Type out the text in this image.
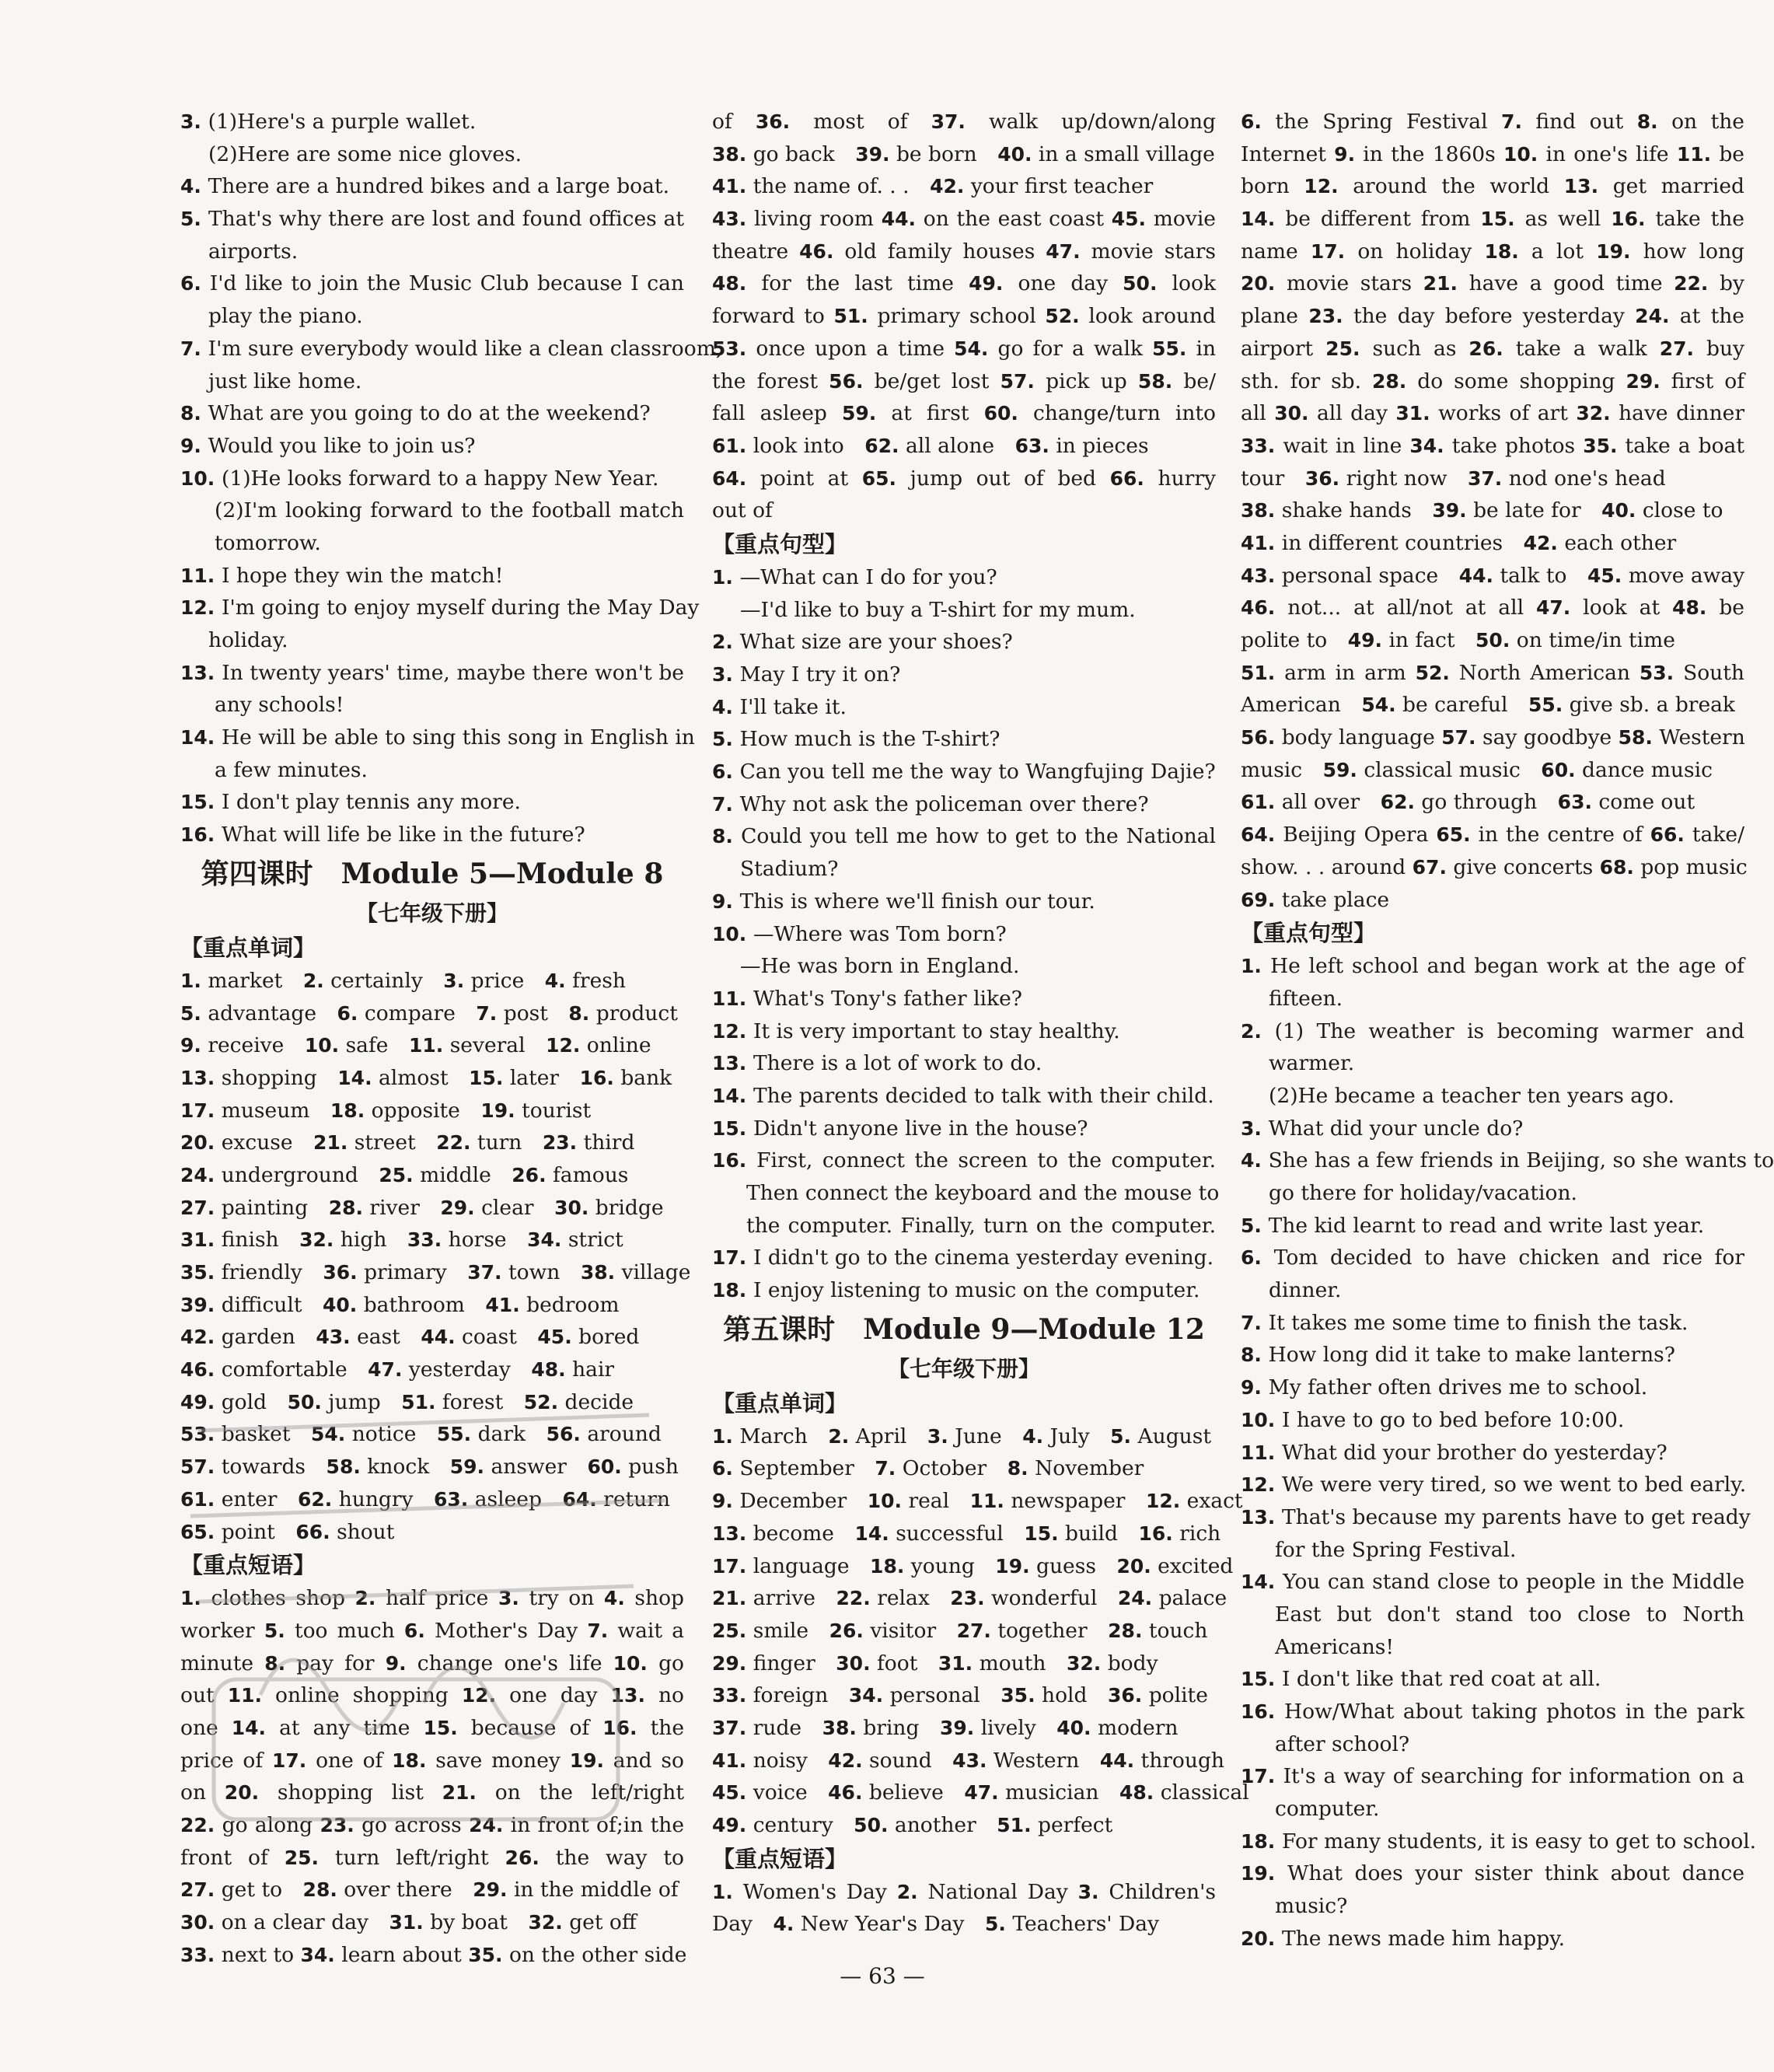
3. (1)Here's a purple wallet.
(2)Here are some nice gloves.
4. There are a hundred bikes and a large boat.
5. That's why there are lost and found offices at
airports.
6. I'd like to join the Music Club because I can
play the piano.
7. I'm sure everybody would like a clean classroom,
just like home.
8. What are you going to do at the weekend?
9. Would you like to join us?
10. (1)He looks forward to a happy New Year.
(2)I'm looking forward to the football match
tomorrow.
11. I hope they win the match!
12. I'm going to enjoy myself during the May Day
holiday.
13. In twenty years' time, maybe there won't be
any schools!
14. He will be able to sing this song in English in
a few minutes.
15. I don't play tennis any more.
16. What will life be like in the future?
第四课时　Module 5—Module 8
【七年级下册】
【重点单词】
1. market　2. certainly　3. price　4. fresh
5. advantage　6. compare　7. post　8. product
9. receive　10. safe　11. several　12. online
13. shopping　14. almost　15. later　16. bank
17. museum　18. opposite　19. tourist
20. excuse　21. street　22. turn　23. third
24. underground　25. middle　26. famous
27. painting　28. river　29. clear　30. bridge
31. finish　32. high　33. horse　34. strict
35. friendly　36. primary　37. town　38. village
39. difficult　40. bathroom　41. bedroom
42. garden　43. east　44. coast　45. bored
46. comfortable　47. yesterday　48. hair
49. gold　50. jump　51. forest　52. decide
53. basket　54. notice　55. dark　56. around
57. towards　58. knock　59. answer　60. push
61. enter　62. hungry　63. asleep　64. return
65. point　66. shout
【重点短语】
1. clothes shop 2. half price 3. try on 4. shop
worker 5. too much 6. Mother's Day 7. wait a
minute 8. pay for 9. change one's life 10. go
out 11. online shopping 12. one day 13. no
one 14. at any time 15. because of 16. the
price of 17. one of 18. save money 19. and so
on 20. shopping list 21. on the left/right
22. go along 23. go across 24. in front of;in the
front of 25. turn left/right 26. the way to
27. get to　28. over there　29. in the middle of
30. on a clear day　31. by boat　32. get off
33. next to 34. learn about 35. on the other side
of 36. most of 37. walk up/down/along
38. go back　39. be born　40. in a small village
41. the name of. . .　42. your first teacher
43. living room 44. on the east coast 45. movie
theatre 46. old family houses 47. movie stars
48. for the last time 49. one day 50. look
forward to 51. primary school 52. look around
53. once upon a time 54. go for a walk 55. in
the forest 56. be/get lost 57. pick up 58. be/
fall asleep 59. at first 60. change/turn into
61. look into　62. all alone　63. in pieces
64. point at 65. jump out of bed 66. hurry
out of
【重点句型】
1. —What can I do for you?
—I'd like to buy a T-shirt for my mum.
2. What size are your shoes?
3. May I try it on?
4. I'll take it.
5. How much is the T-shirt?
6. Can you tell me the way to Wangfujing Dajie?
7. Why not ask the policeman over there?
8. Could you tell me how to get to the National
Stadium?
9. This is where we'll finish our tour.
10. —Where was Tom born?
—He was born in England.
11. What's Tony's father like?
12. It is very important to stay healthy.
13. There is a lot of work to do.
14. The parents decided to talk with their child.
15. Didn't anyone live in the house?
16. First, connect the screen to the computer.
Then connect the keyboard and the mouse to
the computer. Finally, turn on the computer.
17. I didn't go to the cinema yesterday evening.
18. I enjoy listening to music on the computer.
第五课时　Module 9—Module 12
【七年级下册】
【重点单词】
1. March　2. April　3. June　4. July　5. August
6. September　7. October　8. November
9. December　10. real　11. newspaper　12. exact
13. become　14. successful　15. build　16. rich
17. language　18. young　19. guess　20. excited
21. arrive　22. relax　23. wonderful　24. palace
25. smile　26. visitor　27. together　28. touch
29. finger　30. foot　31. mouth　32. body
33. foreign　34. personal　35. hold　36. polite
37. rude　38. bring　39. lively　40. modern
41. noisy　42. sound　43. Western　44. through
45. voice　46. believe　47. musician　48. classical
49. century　50. another　51. perfect
【重点短语】
1. Women's Day 2. National Day 3. Children's
Day　4. New Year's Day　5. Teachers' Day
6. the Spring Festival 7. find out 8. on the
Internet 9. in the 1860s 10. in one's life 11. be
born 12. around the world 13. get married
14. be different from 15. as well 16. take the
name 17. on holiday 18. a lot 19. how long
20. movie stars 21. have a good time 22. by
plane 23. the day before yesterday 24. at the
airport 25. such as 26. take a walk 27. buy
sth. for sb. 28. do some shopping 29. first of
all 30. all day 31. works of art 32. have dinner
33. wait in line 34. take photos 35. take a boat
tour　36. right now　37. nod one's head
38. shake hands　39. be late for　40. close to
41. in different countries　42. each other
43. personal space　44. talk to　45. move away
46. not... at all/not at all 47. look at 48. be
polite to　49. in fact　50. on time/in time
51. arm in arm 52. North American 53. South
American　54. be careful　55. give sb. a break
56. body language 57. say goodbye 58. Western
music　59. classical music　60. dance music
61. all over　62. go through　63. come out
64. Beijing Opera 65. in the centre of 66. take/
show. . . around 67. give concerts 68. pop music
69. take place
【重点句型】
1. He left school and began work at the age of
fifteen.
2. (1) The weather is becoming warmer and
warmer.
(2)He became a teacher ten years ago.
3. What did your uncle do?
4. She has a few friends in Beijing, so she wants to
go there for holiday/vacation.
5. The kid learnt to read and write last year.
6. Tom decided to have chicken and rice for
dinner.
7. It takes me some time to finish the task.
8. How long did it take to make lanterns?
9. My father often drives me to school.
10. I have to go to bed before 10:00.
11. What did your brother do yesterday?
12. We were very tired, so we went to bed early.
13. That's because my parents have to get ready
for the Spring Festival.
14. You can stand close to people in the Middle
East but don't stand too close to North
Americans!
15. I don't like that red coat at all.
16. How/What about taking photos in the park
after school?
17. It's a way of searching for information on a
computer.
18. For many students, it is easy to get to school.
19. What does your sister think about dance
music?
20. The news made him happy.
— 63 —
